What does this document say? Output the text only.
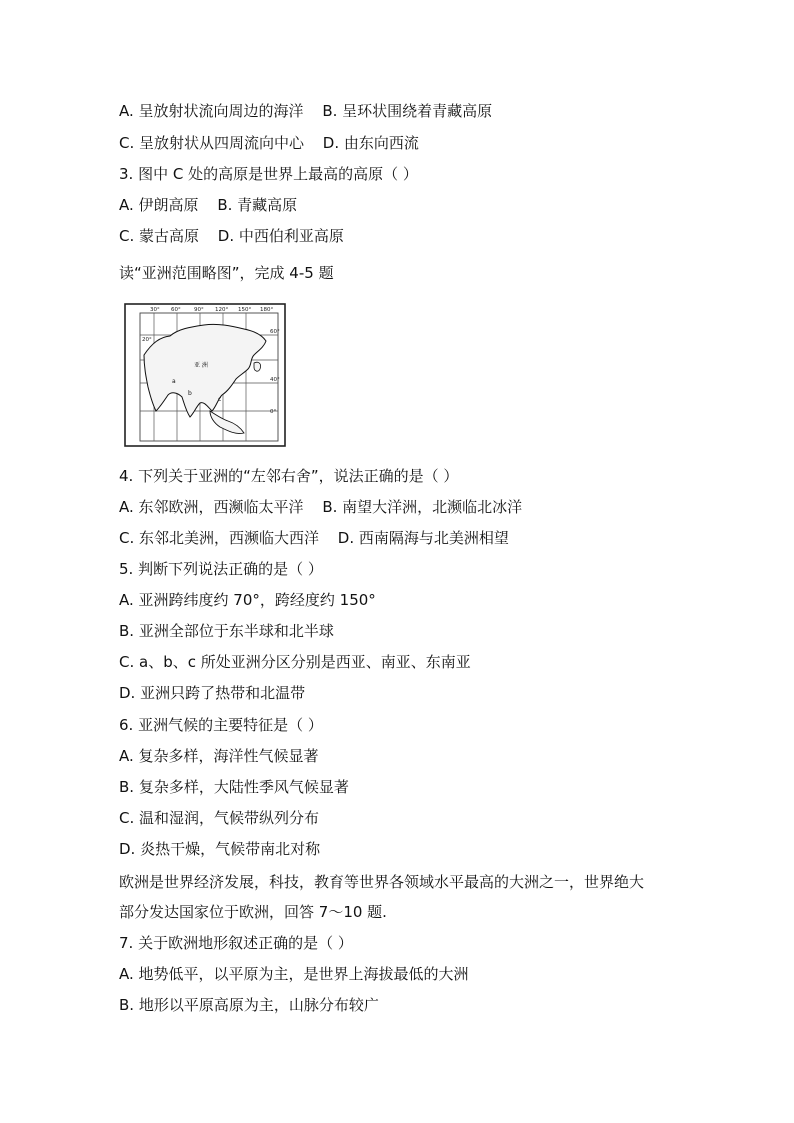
A. 呈放射状流向周边的海洋 B. 呈环状围绕着青藏高原
C. 呈放射状从四周流向中心 D. 由东向西流
3. 图中 C 处的高原是世界上最高的高原（ ）
A. 伊朗高原 B. 青藏高原
C. 蒙古高原 D. 中西伯利亚高原
读“亚洲范围略图”，完成 4-5 题
30° 60° 90° 120° 150° 180°
60°
40°
0°
20°
亚 洲
a
b
c
4. 下列关于亚洲的“左邻右舍”，说法正确的是（ ）
A. 东邻欧洲，西濒临太平洋 B. 南望大洋洲，北濒临北冰洋
C. 东邻北美洲，西濒临大西洋 D. 西南隔海与北美洲相望
5. 判断下列说法正确的是（ ）
A. 亚洲跨纬度约 70°，跨经度约 150°
B. 亚洲全部位于东半球和北半球
C. a、b、c 所处亚洲分区分别是西亚、南亚、东南亚
D. 亚洲只跨了热带和北温带
6. 亚洲气候的主要特征是（ ）
A. 复杂多样，海洋性气候显著
B. 复杂多样，大陆性季风气候显著
C. 温和湿润，气候带纵列分布
D. 炎热干燥，气候带南北对称
欧洲是世界经济发展，科技，教育等世界各领域水平最高的大洲之一，世界绝大
部分发达国家位于欧洲，回答 7～10 题.
7. 关于欧洲地形叙述正确的是（ ）
A. 地势低平，以平原为主，是世界上海拔最低的大洲
B. 地形以平原高原为主，山脉分布较广
